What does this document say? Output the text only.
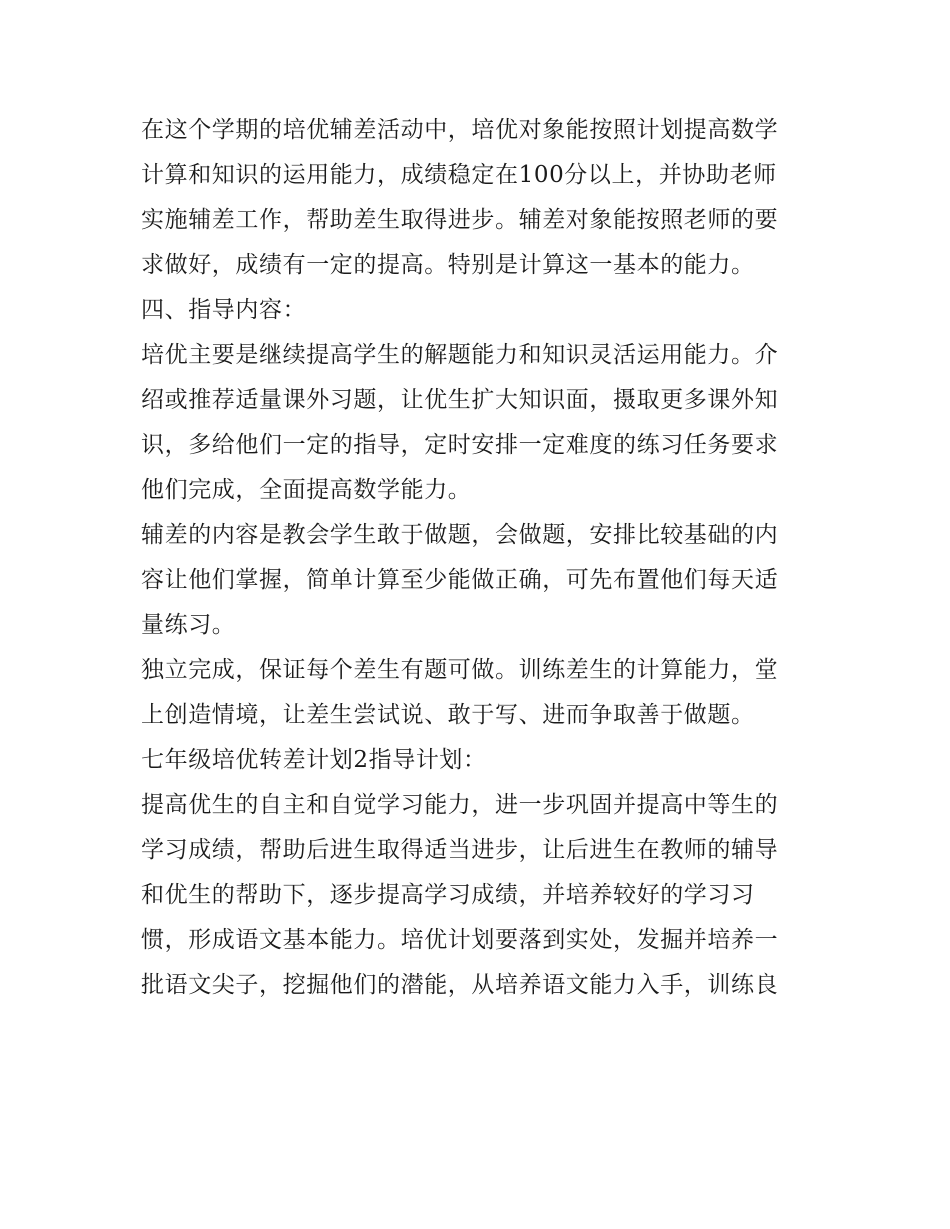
在这个学期的培优辅差活动中，培优对象能按照计划提高数学
计算和知识的运用能力，成绩稳定在100分以上，并协助老师
实施辅差工作，帮助差生取得进步。辅差对象能按照老师的要
求做好，成绩有一定的提高。特别是计算这一基本的能力。
四、指导内容：
培优主要是继续提高学生的解题能力和知识灵活运用能力。介
绍或推荐适量课外习题，让优生扩大知识面，摄取更多课外知
识，多给他们一定的指导，定时安排一定难度的练习任务要求
他们完成，全面提高数学能力。
辅差的内容是教会学生敢于做题，会做题，安排比较基础的内
容让他们掌握，简单计算至少能做正确，可先布置他们每天适
量练习。
独立完成，保证每个差生有题可做。训练差生的计算能力，堂
上创造情境，让差生尝试说、敢于写、进而争取善于做题。
七年级培优转差计划2指导计划：
提高优生的自主和自觉学习能力，进一步巩固并提高中等生的
学习成绩，帮助后进生取得适当进步，让后进生在教师的辅导
和优生的帮助下，逐步提高学习成绩，并培养较好的学习习
惯，形成语文基本能力。培优计划要落到实处，发掘并培养一
批语文尖子，挖掘他们的潜能，从培养语文能力入手，训练良
